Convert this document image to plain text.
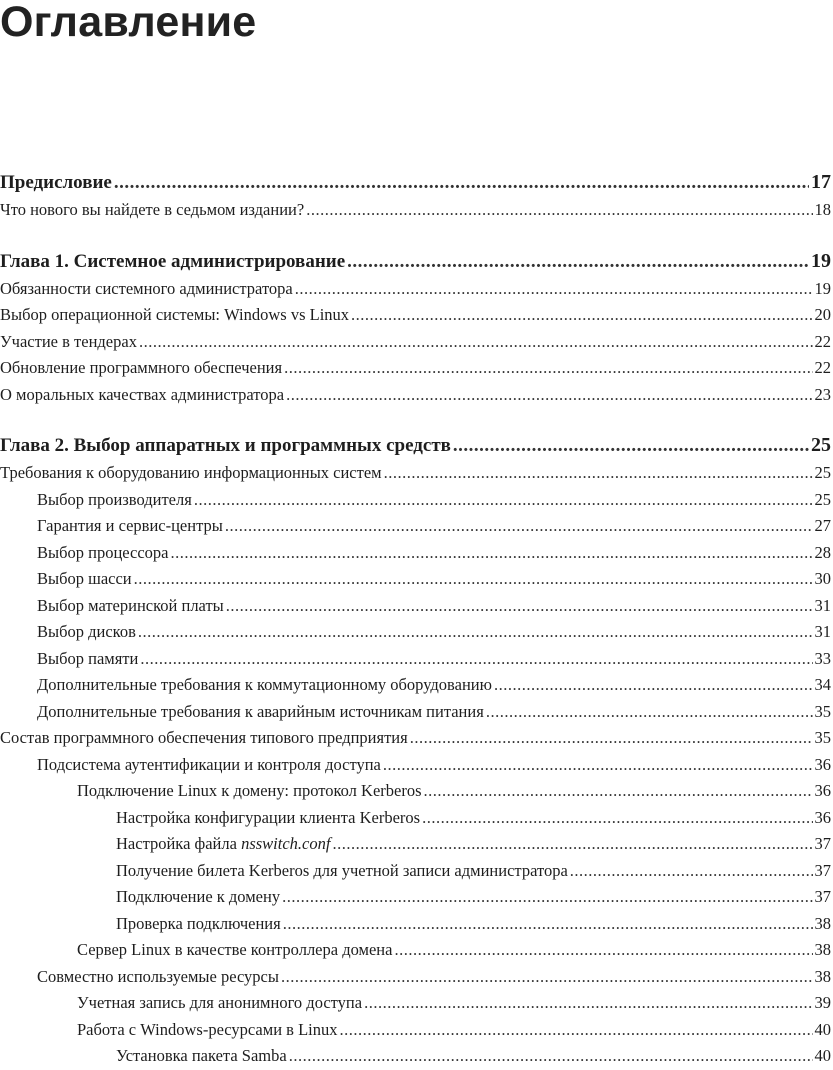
Оглавление
Предисловие .....	17
Что нового вы найдете в седьмом издании? .....	18
Глава 1. Системное администрирование .....	19
Обязанности системного администратора .....	19
Выбор операционной системы: Windows vs Linux .....	20
Участие в тендерах .....	22
Обновление программного обеспечения .....	22
О моральных качествах администратора .....	23
Глава 2. Выбор аппаратных и программных средств .....	25
Требования к оборудованию информационных систем .....	25
Выбор производителя .....	25
Гарантия и сервис-центры .....	27
Выбор процессора .....	28
Выбор шасси .....	30
Выбор материнской платы .....	31
Выбор дисков .....	31
Выбор памяти .....	33
Дополнительные требования к коммутационному оборудованию .....	34
Дополнительные требования к аварийным источникам питания .....	35
Состав программного обеспечения типового предприятия .....	35
Подсистема аутентификации и контроля доступа .....	36
Подключение Linux к домену: протокол Kerberos .....	36
Настройка конфигурации клиента Kerberos .....	36
Настройка файла nsswitch.conf .....	37
Получение билета Kerberos для учетной записи администратора .....	37
Подключение к домену .....	37
Проверка подключения .....	38
Сервер Linux в качестве контроллера домена .....	38
Совместно используемые ресурсы .....	38
Учетная запись для анонимного доступа .....	39
Работа с Windows-ресурсами в Linux .....	40
Установка пакета Samba .....	40
